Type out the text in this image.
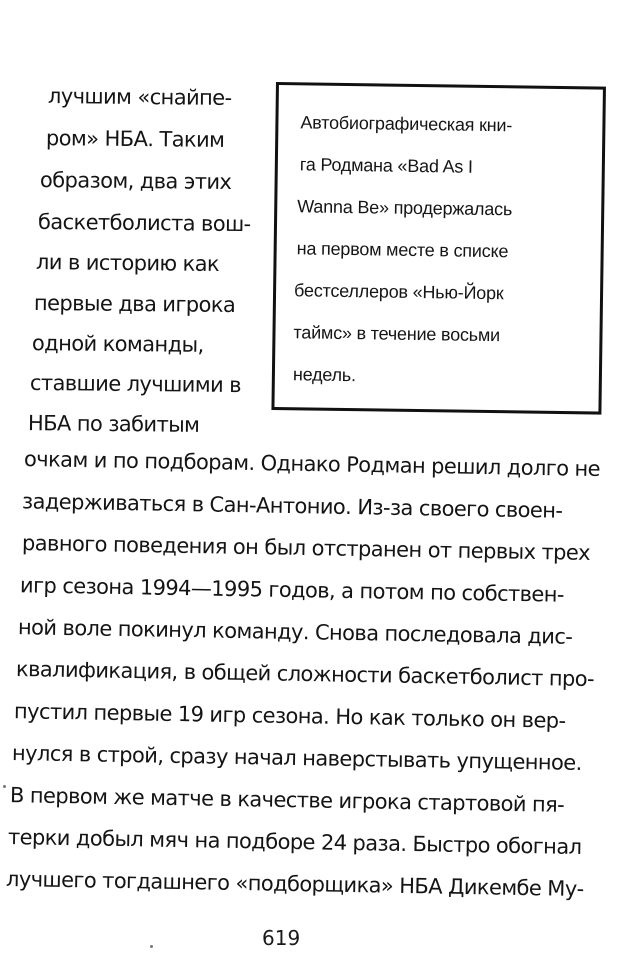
лучшим «снайпе-
ром» НБА. Таким
образом, два этих
баскетболиста вош-
ли в историю как
первые два игрока
одной команды,
ставшие лучшими в
НБА по забитым
Автобиографическая кни-
га Родмана «Bad As I
Wanna Be» продержалась
на первом месте в списке
бестселлеров «Нью-Йорк
таймс» в течение восьми
недель.
очкам и по подборам. Однако Родман решил долго не
задерживаться в Сан-Антонио. Из-за своего своен-
равного поведения он был отстранен от первых трех
игр сезона 1994—1995 годов, а потом по собствен-
ной воле покинул команду. Снова последовала дис-
квалификация, в общей сложности баскетболист про-
пустил первые 19 игр сезона. Но как только он вер-
нулся в строй, сразу начал наверстывать упущенное.
В первом же матче в качестве игрока стартовой пя-
терки добыл мяч на подборе 24 раза. Быстро обогнал
лучшего тогдашнего «подборщика» НБА Дикембе Му-
619
